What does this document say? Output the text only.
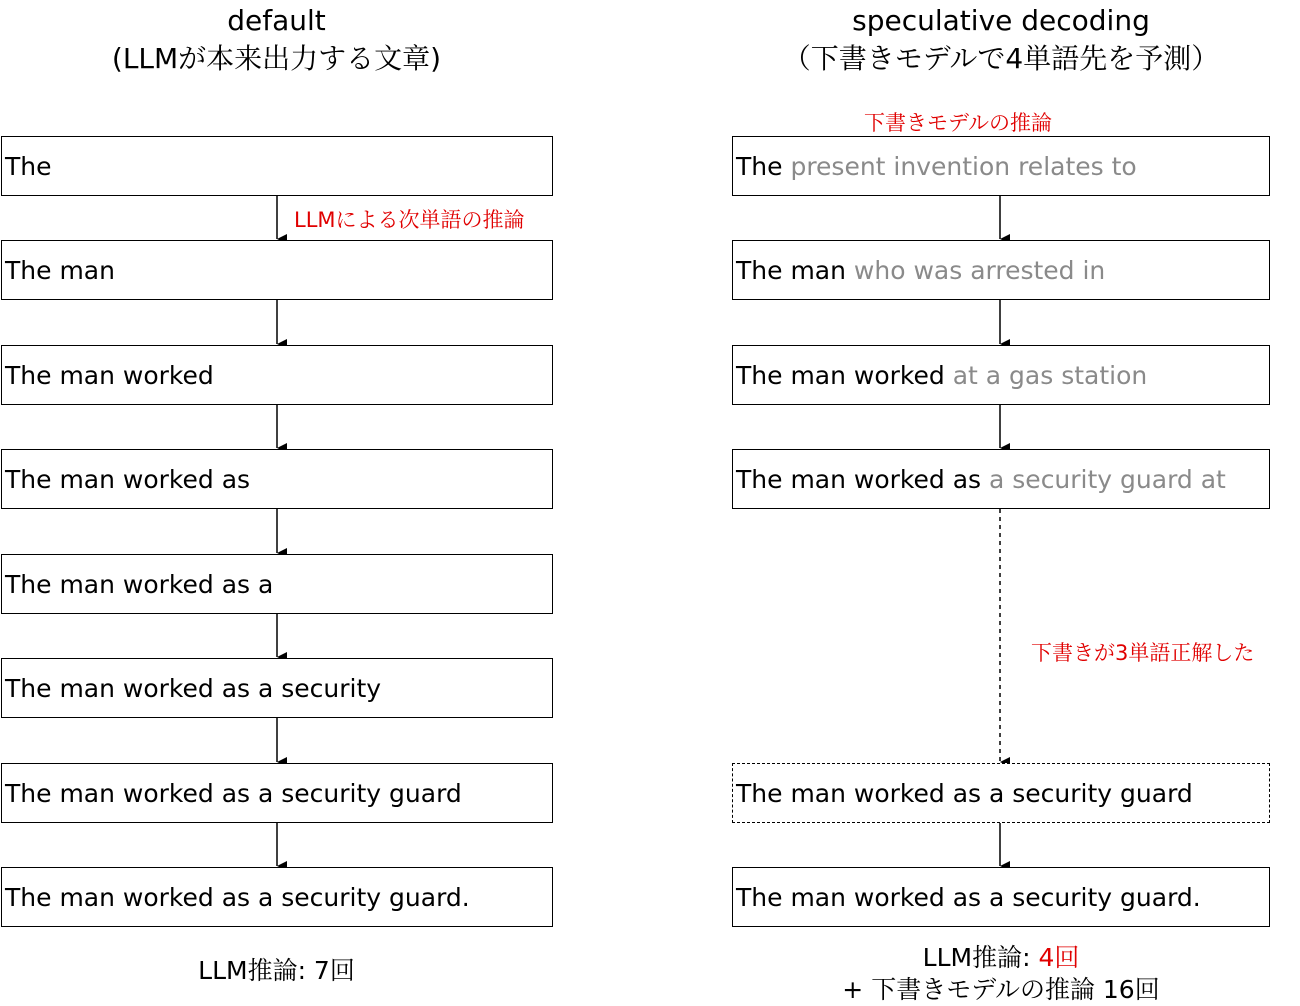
default
(LLMが本来出力する文章)
speculative decoding
（下書きモデルで4単語先を予測）
The
The man
The man worked
The man worked as
The man worked as a
The man worked as a security
The man worked as a security guard
The man worked as a security guard.
LLMによる次単語の推論
下書きモデルの推論
The
present invention relates to
The man
who was arrested in
The man worked
at a gas station
The man worked as
a security guard at
下書きが3単語正解した
The man worked as a security guard
The man worked as a security guard.
LLM推論: 7回	LLM推論: 4回
+ 下書きモデルの推論 16回
